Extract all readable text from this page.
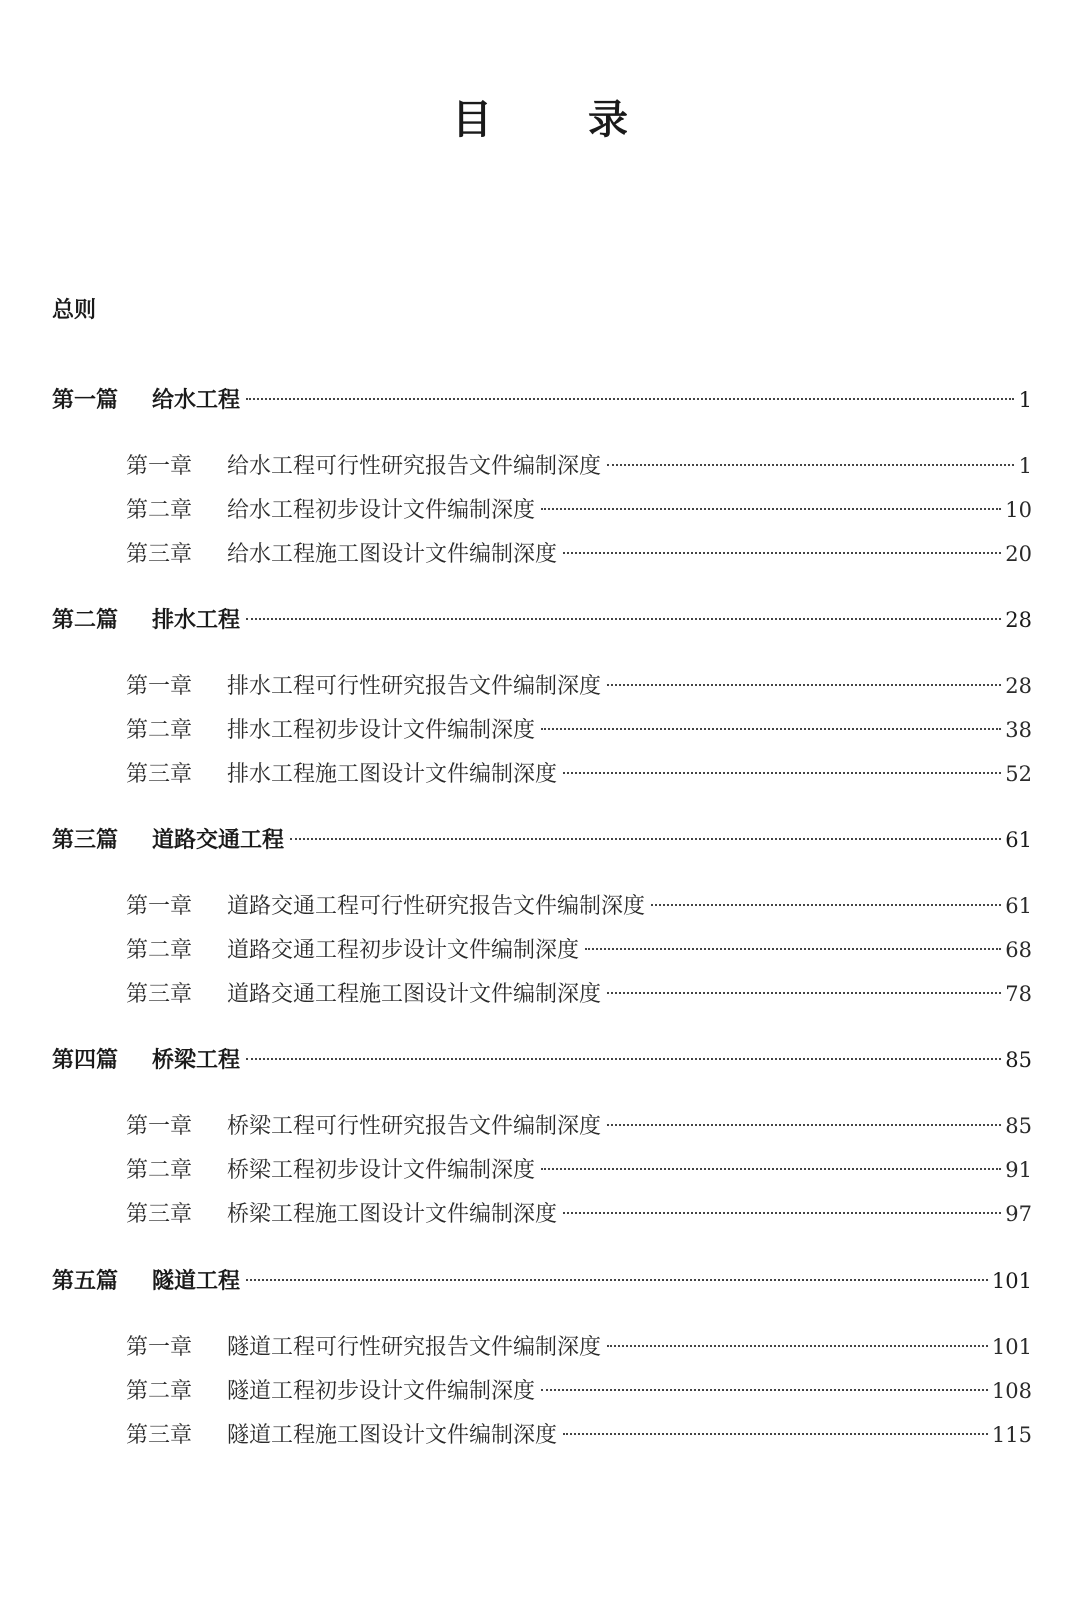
目 录
总则
第一篇	给水工程	1
第一章	给水工程可行性研究报告文件编制深度	1
第二章	给水工程初步设计文件编制深度	10
第三章	给水工程施工图设计文件编制深度	20
第二篇	排水工程	28
第一章	排水工程可行性研究报告文件编制深度	28
第二章	排水工程初步设计文件编制深度	38
第三章	排水工程施工图设计文件编制深度	52
第三篇	道路交通工程	61
第一章	道路交通工程可行性研究报告文件编制深度	61
第二章	道路交通工程初步设计文件编制深度	68
第三章	道路交通工程施工图设计文件编制深度	78
第四篇	桥梁工程	85
第一章	桥梁工程可行性研究报告文件编制深度	85
第二章	桥梁工程初步设计文件编制深度	91
第三章	桥梁工程施工图设计文件编制深度	97
第五篇	隧道工程	101
第一章	隧道工程可行性研究报告文件编制深度	101
第二章	隧道工程初步设计文件编制深度	108
第三章	隧道工程施工图设计文件编制深度	115
